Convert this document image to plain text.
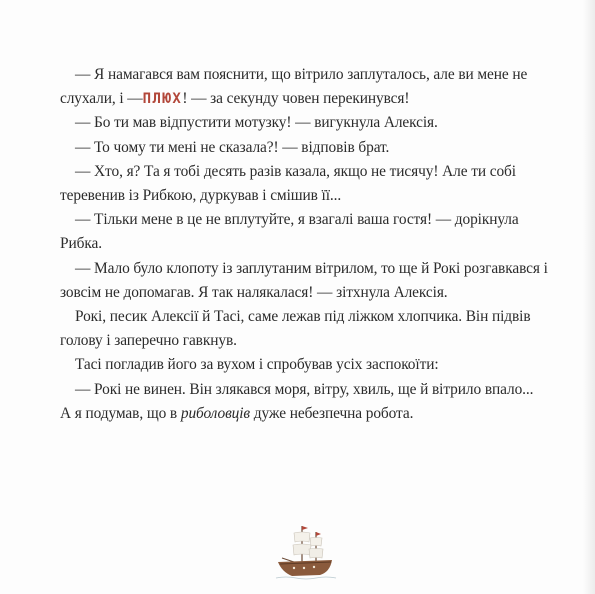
— Я намагався вам пояснити, що вітрило заплуталось, але ви мене не слухали, і —ПЛЮХ! — за секунду човен перекинувся!

— Бо ти мав відпустити мотузку! — вигукнула Алексія.

— То чому ти мені не сказала?! — відповів брат.

— Хто, я? Та я тобі десять разів казала, якщо не тисячу! Але ти собі теревенив із Рибкою, дуркував і смішив її...

— Тільки мене в це не вплутуйте, я взагалі ваша гостя! — дорікнула Рибка.

— Мало було клопоту із заплутаним вітрилом, то ще й Рокі розгавкався і зовсім не допомагав. Я так налякалася! — зітхнула Алексія.

Рокі, песик Алексії й Тасі, саме лежав під ліжком хлопчика. Він підвів голову і заперечно гавкнув.

Тасі погладив його за вухом і спробував усіх заспокоїти:

— Рокі не винен. Він злякався моря, вітру, хвиль, ще й вітрило впало...

А я подумав, що в риболовців дуже небезпечна робота.
